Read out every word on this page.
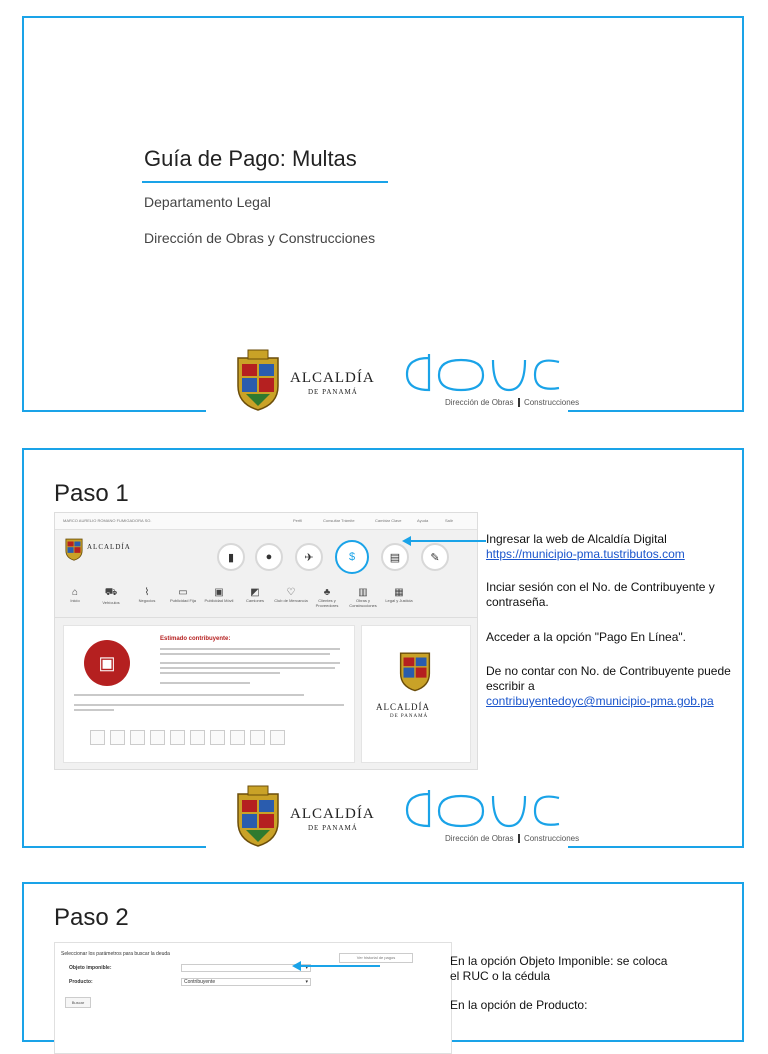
Guía de Pago: Multas
Departamento Legal
Dirección de Obras y Construcciones
ALCALDÍA
DE PANAMÁ
Dirección de Obras Construcciones
Paso 1
MARCO AURELIO ROMANO FUMIGADORA SO.	Perfil	Consultar Trámite	Cambiar Clave	Ayuda	Salir
ALCALDÍA
▮	●	✈	$	▤	✎
⌂
Inicio
⛟
Vehículos
⌇
Negocios
▭
Publicidad Fija
▣
Publicidad Móvil
◩
Camiones
♡
Club de Mercancía
♣
Clientes y Proveedores
▥
Obras y Construcciones
▦
Legal y Justicia
▣
Estimado contribuyente:
ALCALDÍA
DE PANAMÁ
Ingresar la web de Alcaldía Digital
https://municipio-pma.tustributos.com
Inciar sesión con el No. de Contribuyente y contraseña.
Acceder a la opción "Pago En Línea".
De no contar con No. de Contribuyente puede escribir a
contribuyentedoyc@municipio-pma.gob.pa
ALCALDÍA
DE PANAMÁ
Dirección de Obras Construcciones
Paso 2
Seleccionar los parámetros para buscar la deuda
Objeto imponible:
▾
Producto:	Contribuyente ▾
Buscar
Ver historial de pagos	En la opción Objeto Imponible: se coloca el RUC o la cédula
En la opción de Producto:
